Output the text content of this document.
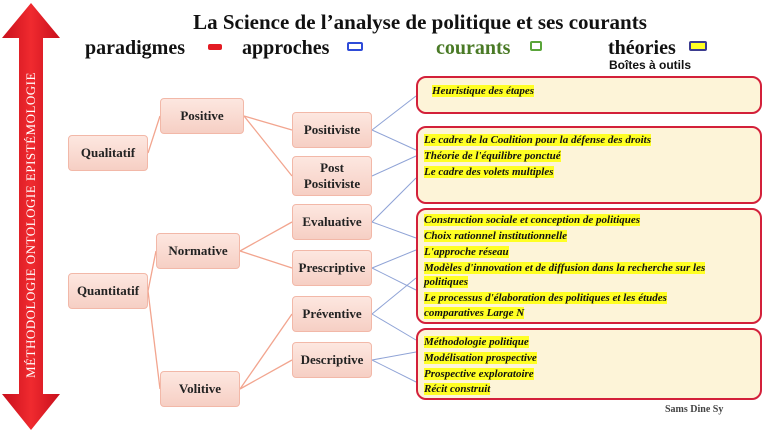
La Science de l’analyse de politique et ses courants
paradigmes	approches	courants	théories
Boîtes à outils
MÉTHODOLOGIE ONTOLOGIE EPISTÉMOLOGIE	Qualitatif
Quantitatif
Positive
Normative
Volitive
Positiviste
Post Positiviste
Evaluative
Prescriptive
Préventive
Descriptive
Heuristique des étapes
Le cadre de la Coalition pour la défense des droits
Théorie de l'équilibre ponctué
Le cadre des volets multiples
Construction sociale et conception de politiques
Choix rationnel institutionnelle
L'approche réseau
Modèles d'innovation et de diffusion dans la recherche sur les
politiques
Le processus d'élaboration des politiques et les études
comparatives Large N
Méthodologie politique
Modélisation prospective
Prospective exploratoire
Récit construit
Sams Dine Sy
